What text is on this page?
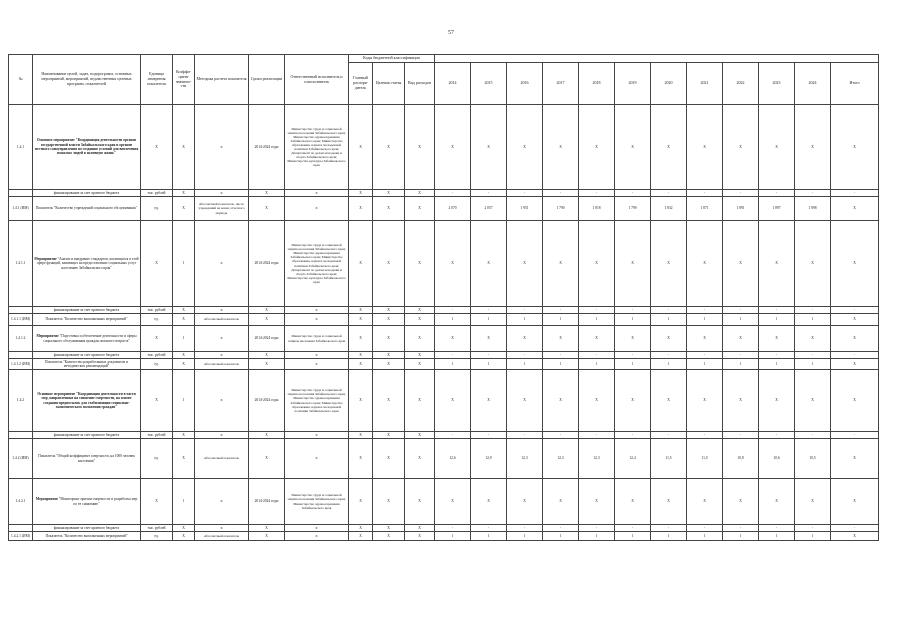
57
№	Наименование целей, задач, подпрограмм, основных мероприятий, мероприятий, ведомственных целевых программ, показателей	Единица измерения показателя	Коэффи-циент значимо-сти	Методика расчета показателя	Сроки реализации	Ответственный исполнитель и соисполнитель	Коды бюджетной классификации														
							Главный распоря-дитель	Целевая статья	Вид расходов	2014	2015	2016	2017	2018	2019	2020	2021	2022	2023	2024	Итого
1.4.1	Основное мероприятие "Координация деятельности органов государственной власти Забайкальского края и органов местного самоуправления по созданию условий для вовлечения пожилых людей в активную жизнь"	X	X	X	2014-2024 годы	Министерство труда и социальной защиты населения Забайкальского края; Министерство здравоохранения Забайкальского края; Министерство образования, науки и молодежной политики Забайкальского края; Департамент по делам молодежи и спорта Забайкальского края; Министерство культуры Забайкальского края	X	X	X	X	X	X	X	X	X	X	X	X	X	X	X
	финансирование за счет краевого бюджета	тыс. рублей	X	X	X	X	X	X	X	-	-	-	-	-	-	-	-	-	-	-	-
1.4.1 (ИМ)	Показатель "Количество учреждений социального обслуживания"	ед.	X	Абсолютный показатель, число учреждений на конец отчетного периода	X	X	X	X	X	2 070	2 057	1 951	1 790	1 818	1 799	1 832	1 871	1 891	1 897	1 898	X
1.4.1.1	Мероприятие "Анализ и внедрение стандартов, касающихся в этой сфере функций, влияющих на предоставление социальных услуг населению Забайкальского края"	X	1	X	2014-2024 годы	Министерство труда и социальной защиты населения Забайкальского края; Министерство здравоохранения Забайкальского края; Министерство образования, науки и молодежной политики Забайкальского края; Департамент по делам молодежи и спорта Забайкальского края; Министерство культуры Забайкальского края	X	X	X	X	X	X	X	X	X	X	X	X	X	X	X
	финансирование за счет краевого бюджета	тыс. рублей	X	X	X	X	X	X	X	-	-	-	-	-	-	-	-	-	-	-	-
1.4.1.1 (ИМ)	Показатель "Количество выполненных мероприятий"	ед.	X	Абсолютный показатель	X	X	X	X	X	1	1	1	1	1	1	1	1	1	1	1	X
1.4.1.2	Мероприятие "Подготовка и обеспечение деятельности и сферы социального обслуживания граждан пожилого возраста"	X	1	X	2014-2024 годы	Министерство труда и социальной защиты населения Забайкальского края	X	X	X	X	X	X	X	X	X	X	X	X	X	X	X
	финансирование за счет краевого бюджета	тыс. рублей	X	X	X	X	X	X	X	-	-	-	-	-	-	-	-	-	-	-	-
1.4.1.2 (ИМ)	Показатель "Количество разработанных документов и методических рекомендаций"	ед.	X	Абсолютный показатель	X	X	X	X	X	1	1	1	1	1	1	1	1	1	1	1	X
1.4.2	Основное мероприятие "Координация деятельности в части мер, направленных на снижение смертности, на основе создания предпосылок для стабилизации социально-экономического положения граждан"	X	1	X	2014-2024 годы	Министерство труда и социальной защиты населения Забайкальского края; Министерство здравоохранения Забайкальского края; Министерство образования, науки и молодежной политики Забайкальского края	X	X	X	X	X	X	X	X	X	X	X	X	X	X	X
	финансирование за счет краевого бюджета	тыс. рублей	X	X	X	X	X	X	X	-	-	-	-	-	-	-	-	-	-	-	-
1.4.2 (ИМ)	Показатель "Общий коэффициент смертности, на 1000 человек населения"	ед.	X	Абсолютный показатель	X	X	X	X	X	12,6	12,9	12,3	12,3	12,3	12,4	11,5	11,0	10,8	10,6	10,5	X
1.4.2.1	Мероприятие "Мониторинг причин смертности и разработка мер по ее снижению"	X	1	X	2014-2024 годы	Министерство труда и социальной защиты населения Забайкальского края; Министерство здравоохранения Забайкальского края	X	X	X	X	X	X	X	X	X	X	X	X	X	X	X
	финансирование за счет краевого бюджета	тыс. рублей	X	X	X	X	X	X	X	-	-	-	-	-	-	-	-	-	-	-	-
1.4.2.1 (ИМ)	Показатель "Количество выполненных мероприятий"	ед.	X	Абсолютный показатель	X	X	X	X	X	1	1	1	1	1	1	1	1	1	1	1	X
